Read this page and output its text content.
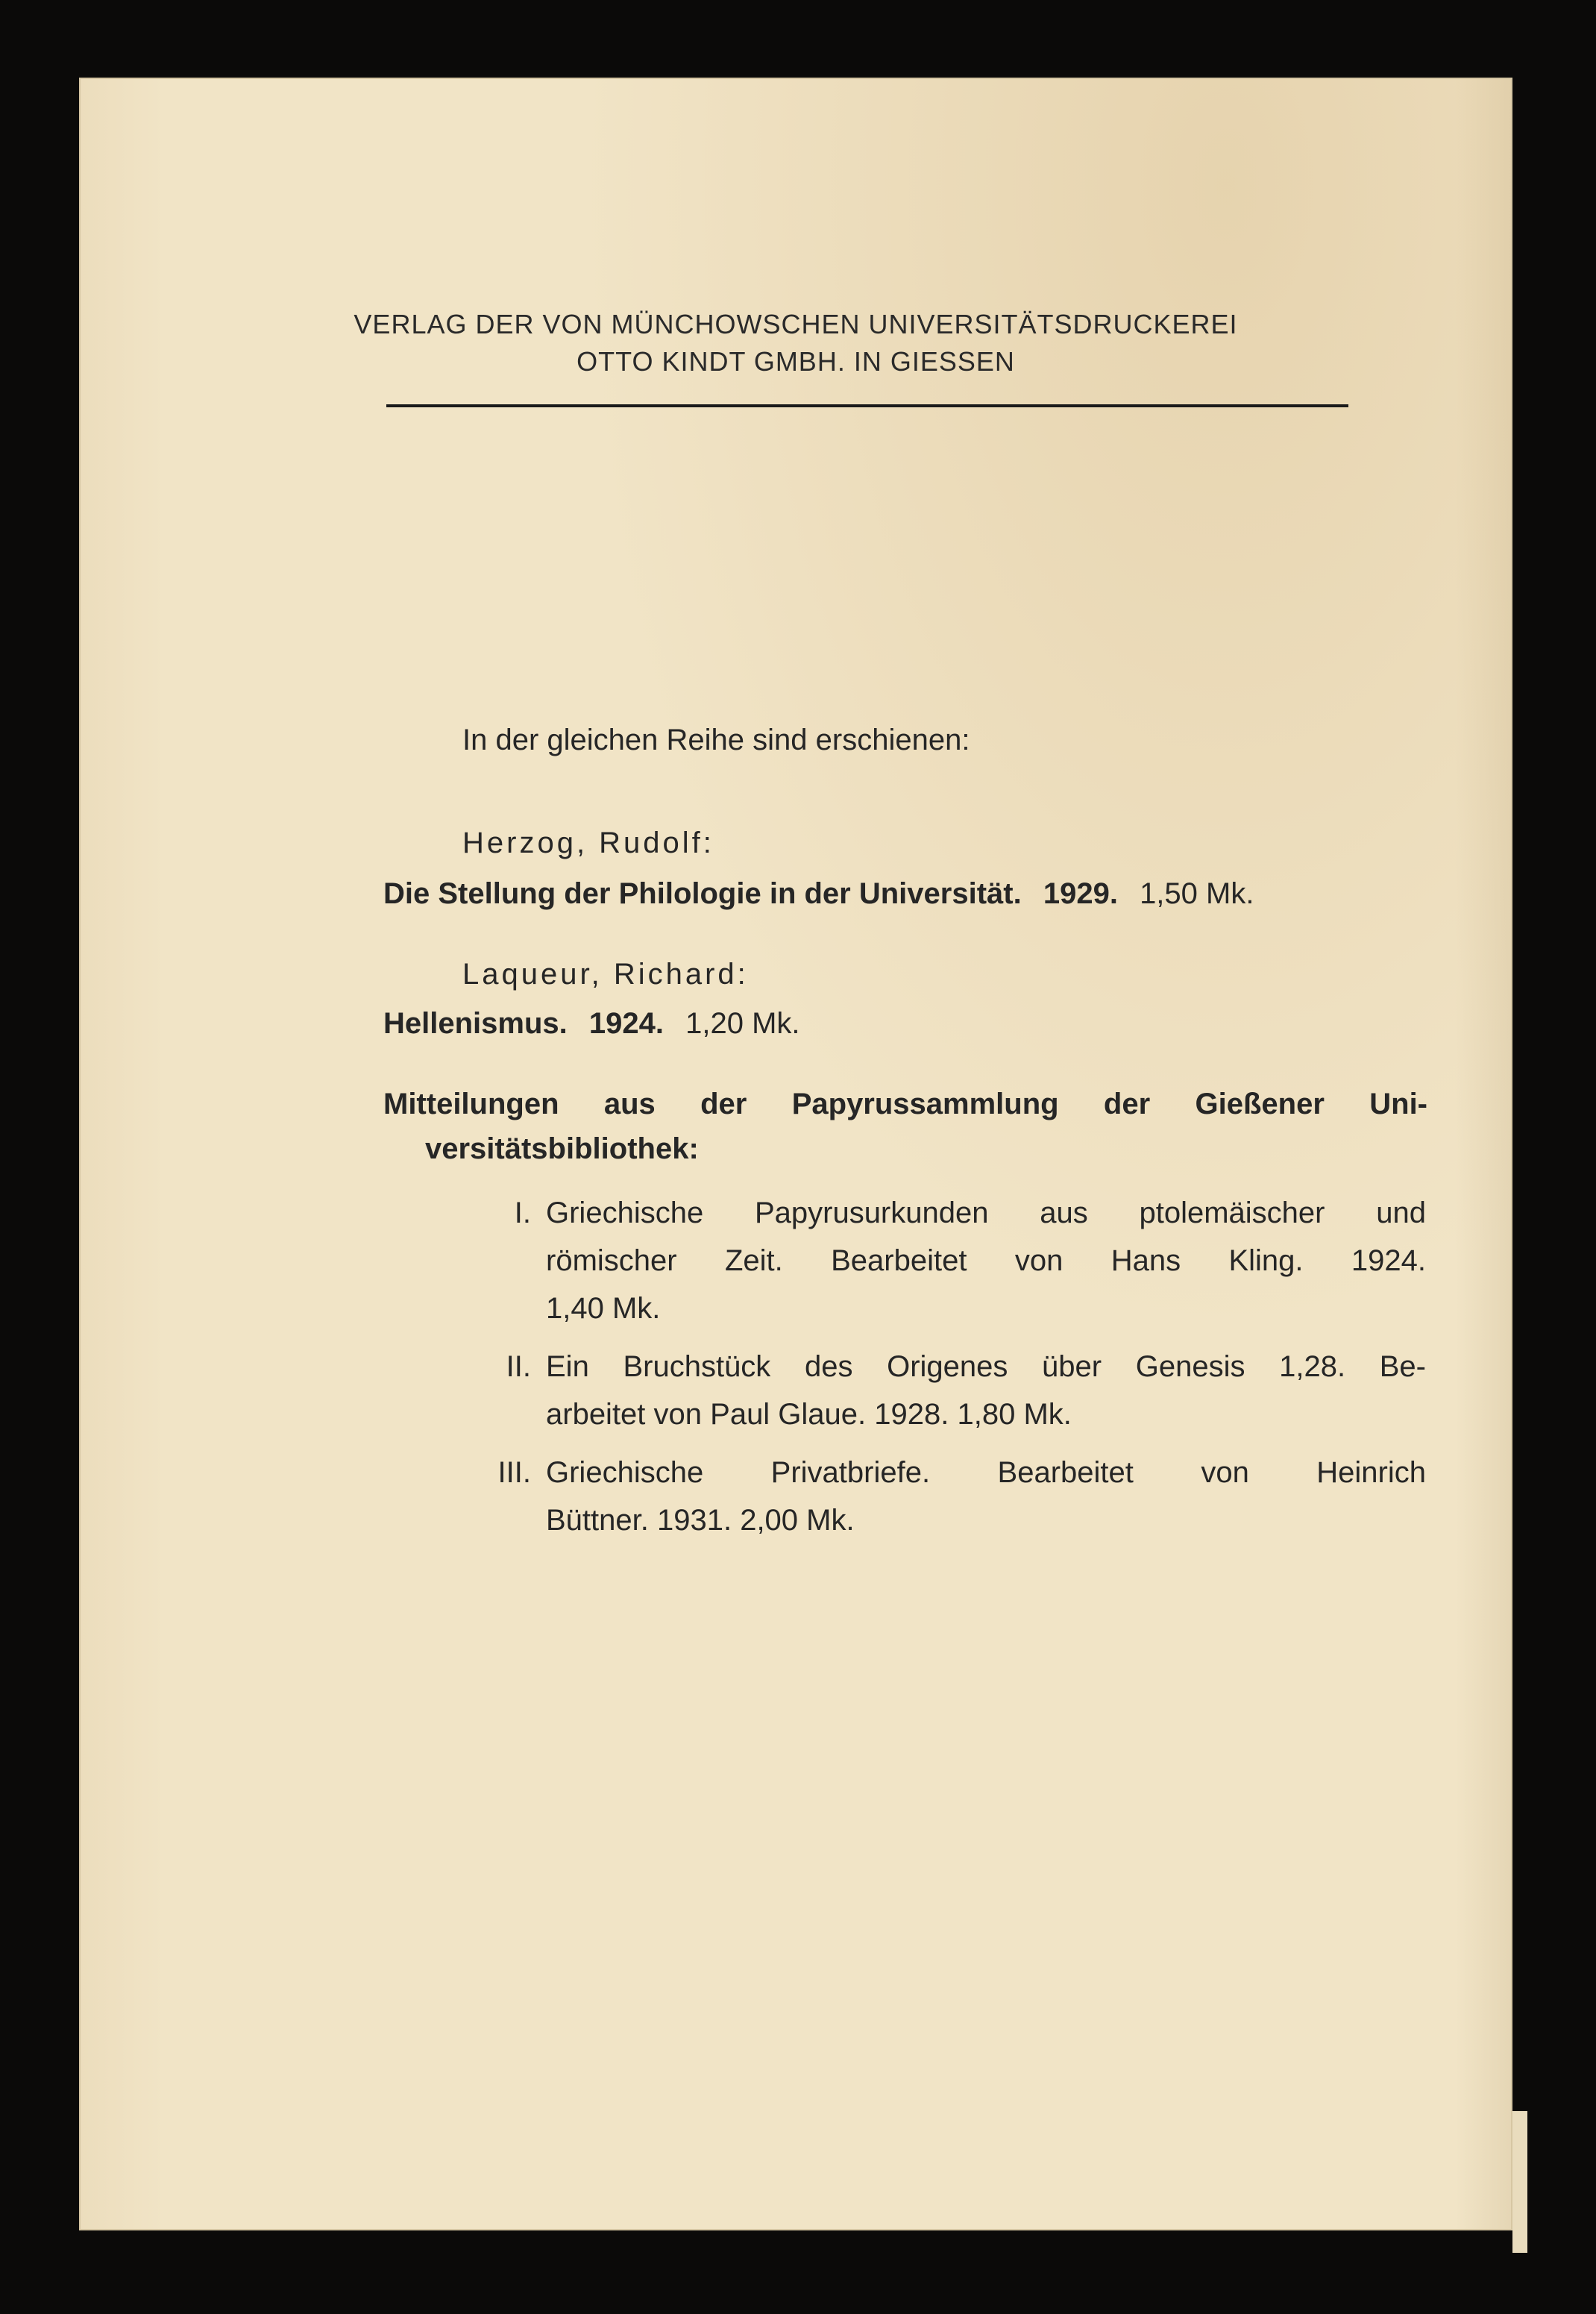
VERLAG DER VON MÜNCHOWSCHEN UNIVERSITÄTSDRUCKEREI
OTTO KINDT GMBH. IN GIESSEN
In der gleichen Reihe sind erschienen:
Herzog, Rudolf:
Die Stellung der Philologie in der Universität. 1929. 1,50 Mk.
Laqueur, Richard:
Hellenismus. 1924. 1,20 Mk.
Mitteilungen aus der Papyrussammlung der Gießener Uni-
versitätsbibliothek:
I. Griechische Papyrusurkunden aus ptolemäischer und
römischer Zeit. Bearbeitet von Hans Kling. 1924.
1,40 Mk.
II. Ein Bruchstück des Origenes über Genesis 1,28. Be-
arbeitet von Paul Glaue. 1928. 1,80 Mk.
III. Griechische Privatbriefe. Bearbeitet von Heinrich
Büttner. 1931. 2,00 Mk.
